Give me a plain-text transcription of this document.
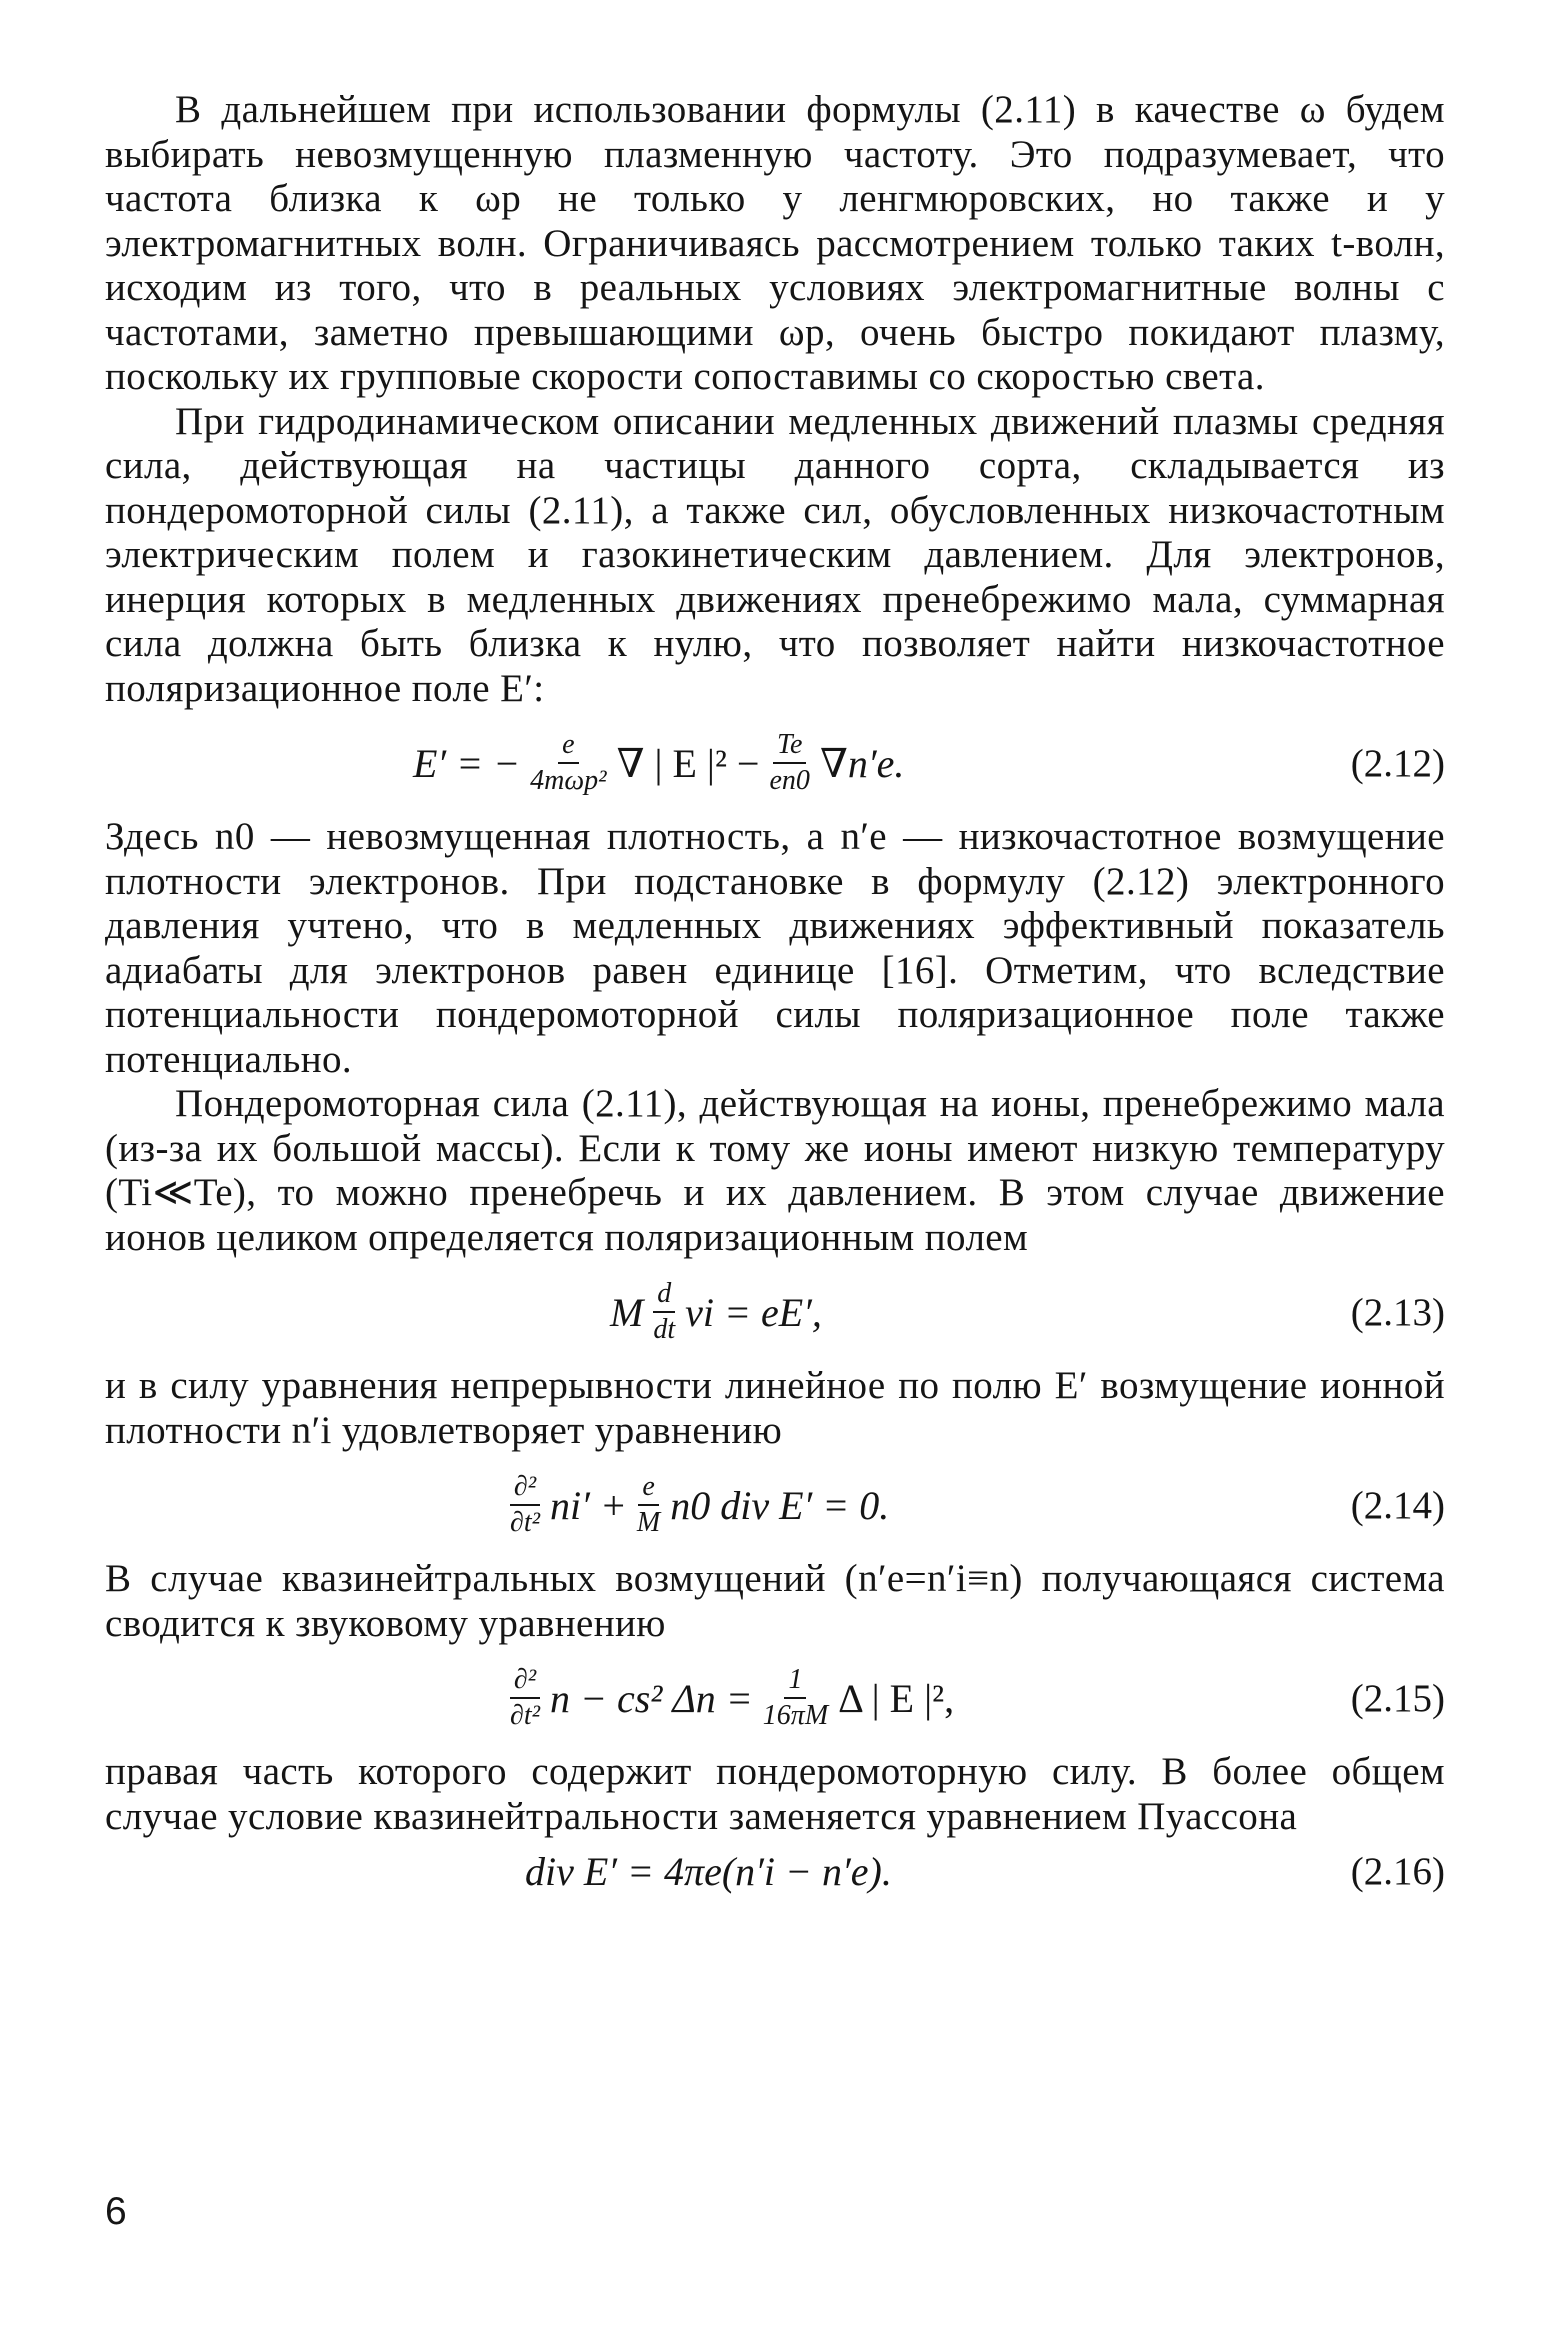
В дальнейшем при использовании формулы (2.11) в качестве ω будем выбирать невозмущенную плазменную частоту. Это подразумевает, что частота близка к ωp не только у ленгмюровских, но также и у электромагнитных волн. Ограничиваясь рассмотрением только таких t-волн, исходим из того, что в реальных условиях электромагнитные волны с частотами, заметно превышающими ωp, очень быстро покидают плазму, поскольку их групповые скорости сопоставимы со скоростью света.

При гидродинамическом описании медленных движений плазмы средняя сила, действующая на частицы данного сорта, складывается из пондеромоторной силы (2.11), а также сил, обусловленных низкочастотным электрическим полем и газокинетическим давлением. Для электронов, инерция которых в медленных движениях пренебрежимо мала, суммарная сила должна быть близка к нулю, что позволяет найти низкочастотное поляризационное поле E′:

E′ = − $\frac{e}{\text{4mωp²}}$ ∇ | E $|^2 - \frac{Te}{en0} \nabla n'e$.	(2.12)

Здесь n0 — невозмущенная плотность, а n′e — низкочастотное возмущение плотности электронов. При подстановке в формулу (2.12) электронного давления учтено, что в медленных движениях эффективный показатель адиабаты для электронов равен единице [16]. Отметим, что вследствие потенциальности пондеромоторной силы поляризационное поле также потенциально.

Пондеромоторная сила (2.11), действующая на ионы, пренебрежимо мала (из-за их большой массы). Если к тому же ионы имеют низкую температуру (Ti≪Te), то можно пренебречь и их давлением. В этом случае движение ионов целиком определяется поляризационным полем

M $\frac{d}{dt}$ vi = eE′,	(2.13)

и в силу уравнения непрерывности линейное по полю E′ возмущение ионной плотности n′i удовлетворяет уравнению

$\frac{\text{∂²}}{\text{∂t²}} ni' + \frac{e}{M} n0$ div E′ = 0.	(2.14)

В случае квазинейтральных возмущений (n′e=n′i≡n) получающаяся система сводится к звуковому уравнению

$\frac{\text{∂²}}{\text{∂t²}}$ n − cs² $\Delta n = \frac{1}{16\pi M}$ Δ | E |²,	(2.15)

правая часть которого содержит пондеромоторную силу. В более общем случае условие квазинейтральности заменяется уравнением Пуассона

div E′ = 4πe(n′i − n′e).	(2.16)
6
